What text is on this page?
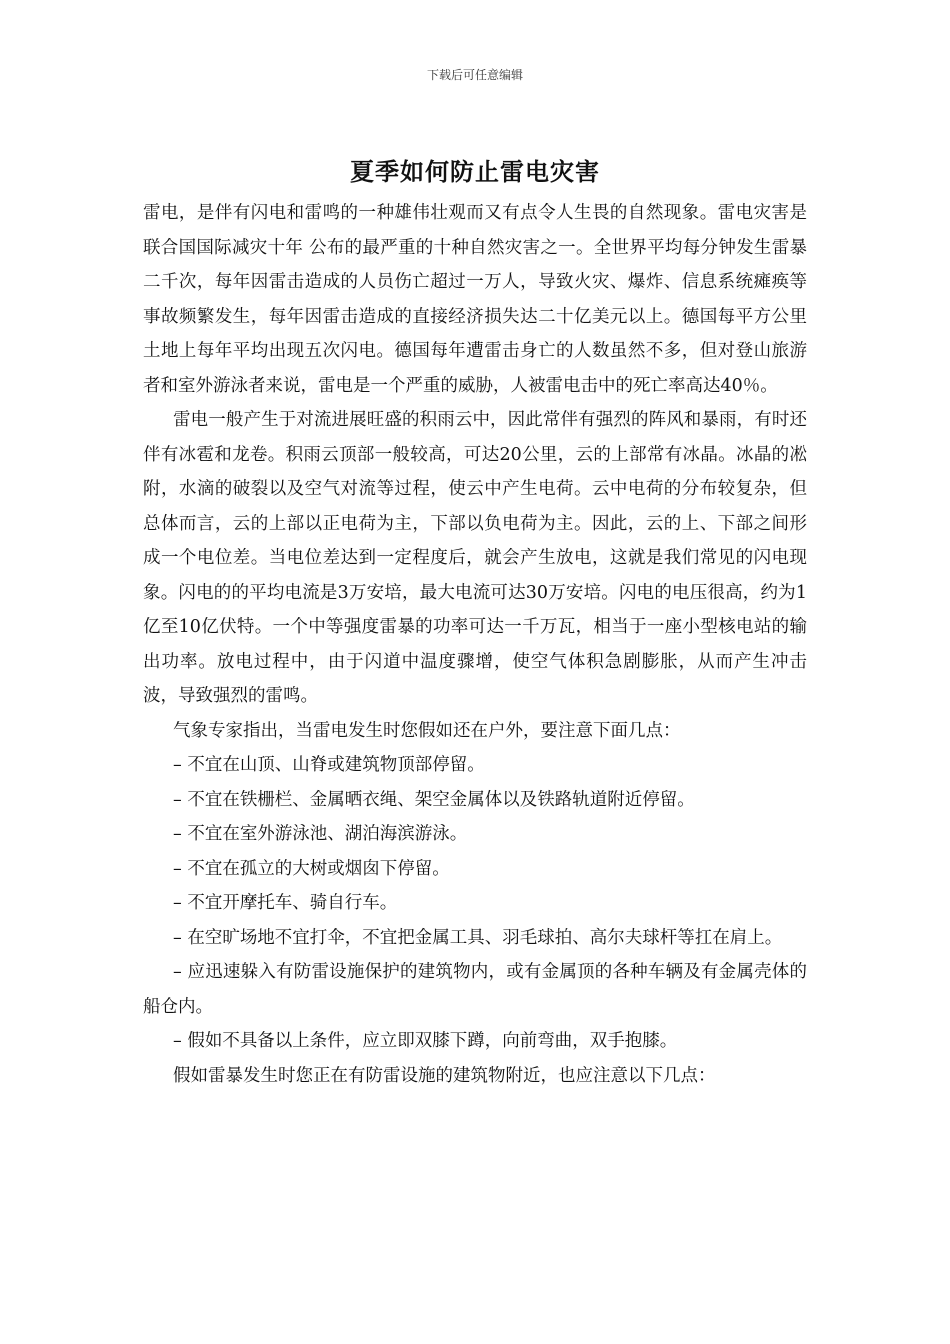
下载后可任意编辑
夏季如何防止雷电灾害

雷电，是伴有闪电和雷鸣的一种雄伟壮观而又有点令人生畏的自然现象。雷电灾害是 联合国国际减灾十年 公布的最严重的十种自然灾害之一。全世界平均每分钟发生雷暴二千次，每年因雷击造成的人员伤亡超过一万人，导致火灾、爆炸、信息系统瘫痪等事故频繁发生，每年因雷击造成的直接经济损失达二十亿美元以上。德国每平方公里土地上每年平均出现五次闪电。德国每年遭雷击身亡的人数虽然不多，但对登山旅游者和室外游泳者来说，雷电是一个严重的威胁，人被雷电击中的死亡率高达40％。

雷电一般产生于对流进展旺盛的积雨云中，因此常伴有强烈的阵风和暴雨，有时还伴有冰雹和龙卷。积雨云顶部一般较高，可达20公里，云的上部常有冰晶。冰晶的凇附，水滴的破裂以及空气对流等过程，使云中产生电荷。云中电荷的分布较复杂，但总体而言，云的上部以正电荷为主，下部以负电荷为主。因此，云的上、下部之间形成一个电位差。当电位差达到一定程度后，就会产生放电，这就是我们常见的闪电现象。闪电的的平均电流是3万安培，最大电流可达30万安培。闪电的电压很高，约为1亿至10亿伏特。一个中等强度雷暴的功率可达一千万瓦，相当于一座小型核电站的输出功率。放电过程中，由于闪道中温度骤增，使空气体积急剧膨胀，从而产生冲击波，导致强烈的雷鸣。

气象专家指出，当雷电发生时您假如还在户外，要注意下面几点：

– 不宜在山顶、山脊或建筑物顶部停留。

– 不宜在铁栅栏、金属晒衣绳、架空金属体以及铁路轨道附近停留。

– 不宜在室外游泳池、湖泊海滨游泳。

– 不宜在孤立的大树或烟囱下停留。

– 不宜开摩托车、骑自行车。

– 在空旷场地不宜打伞，不宜把金属工具、羽毛球拍、高尔夫球杆等扛在肩上。

– 应迅速躲入有防雷设施保护的建筑物内，或有金属顶的各种车辆及有金属壳体的船仓内。

– 假如不具备以上条件，应立即双膝下蹲，向前弯曲，双手抱膝。

假如雷暴发生时您正在有防雷设施的建筑物附近，也应注意以下几点：
